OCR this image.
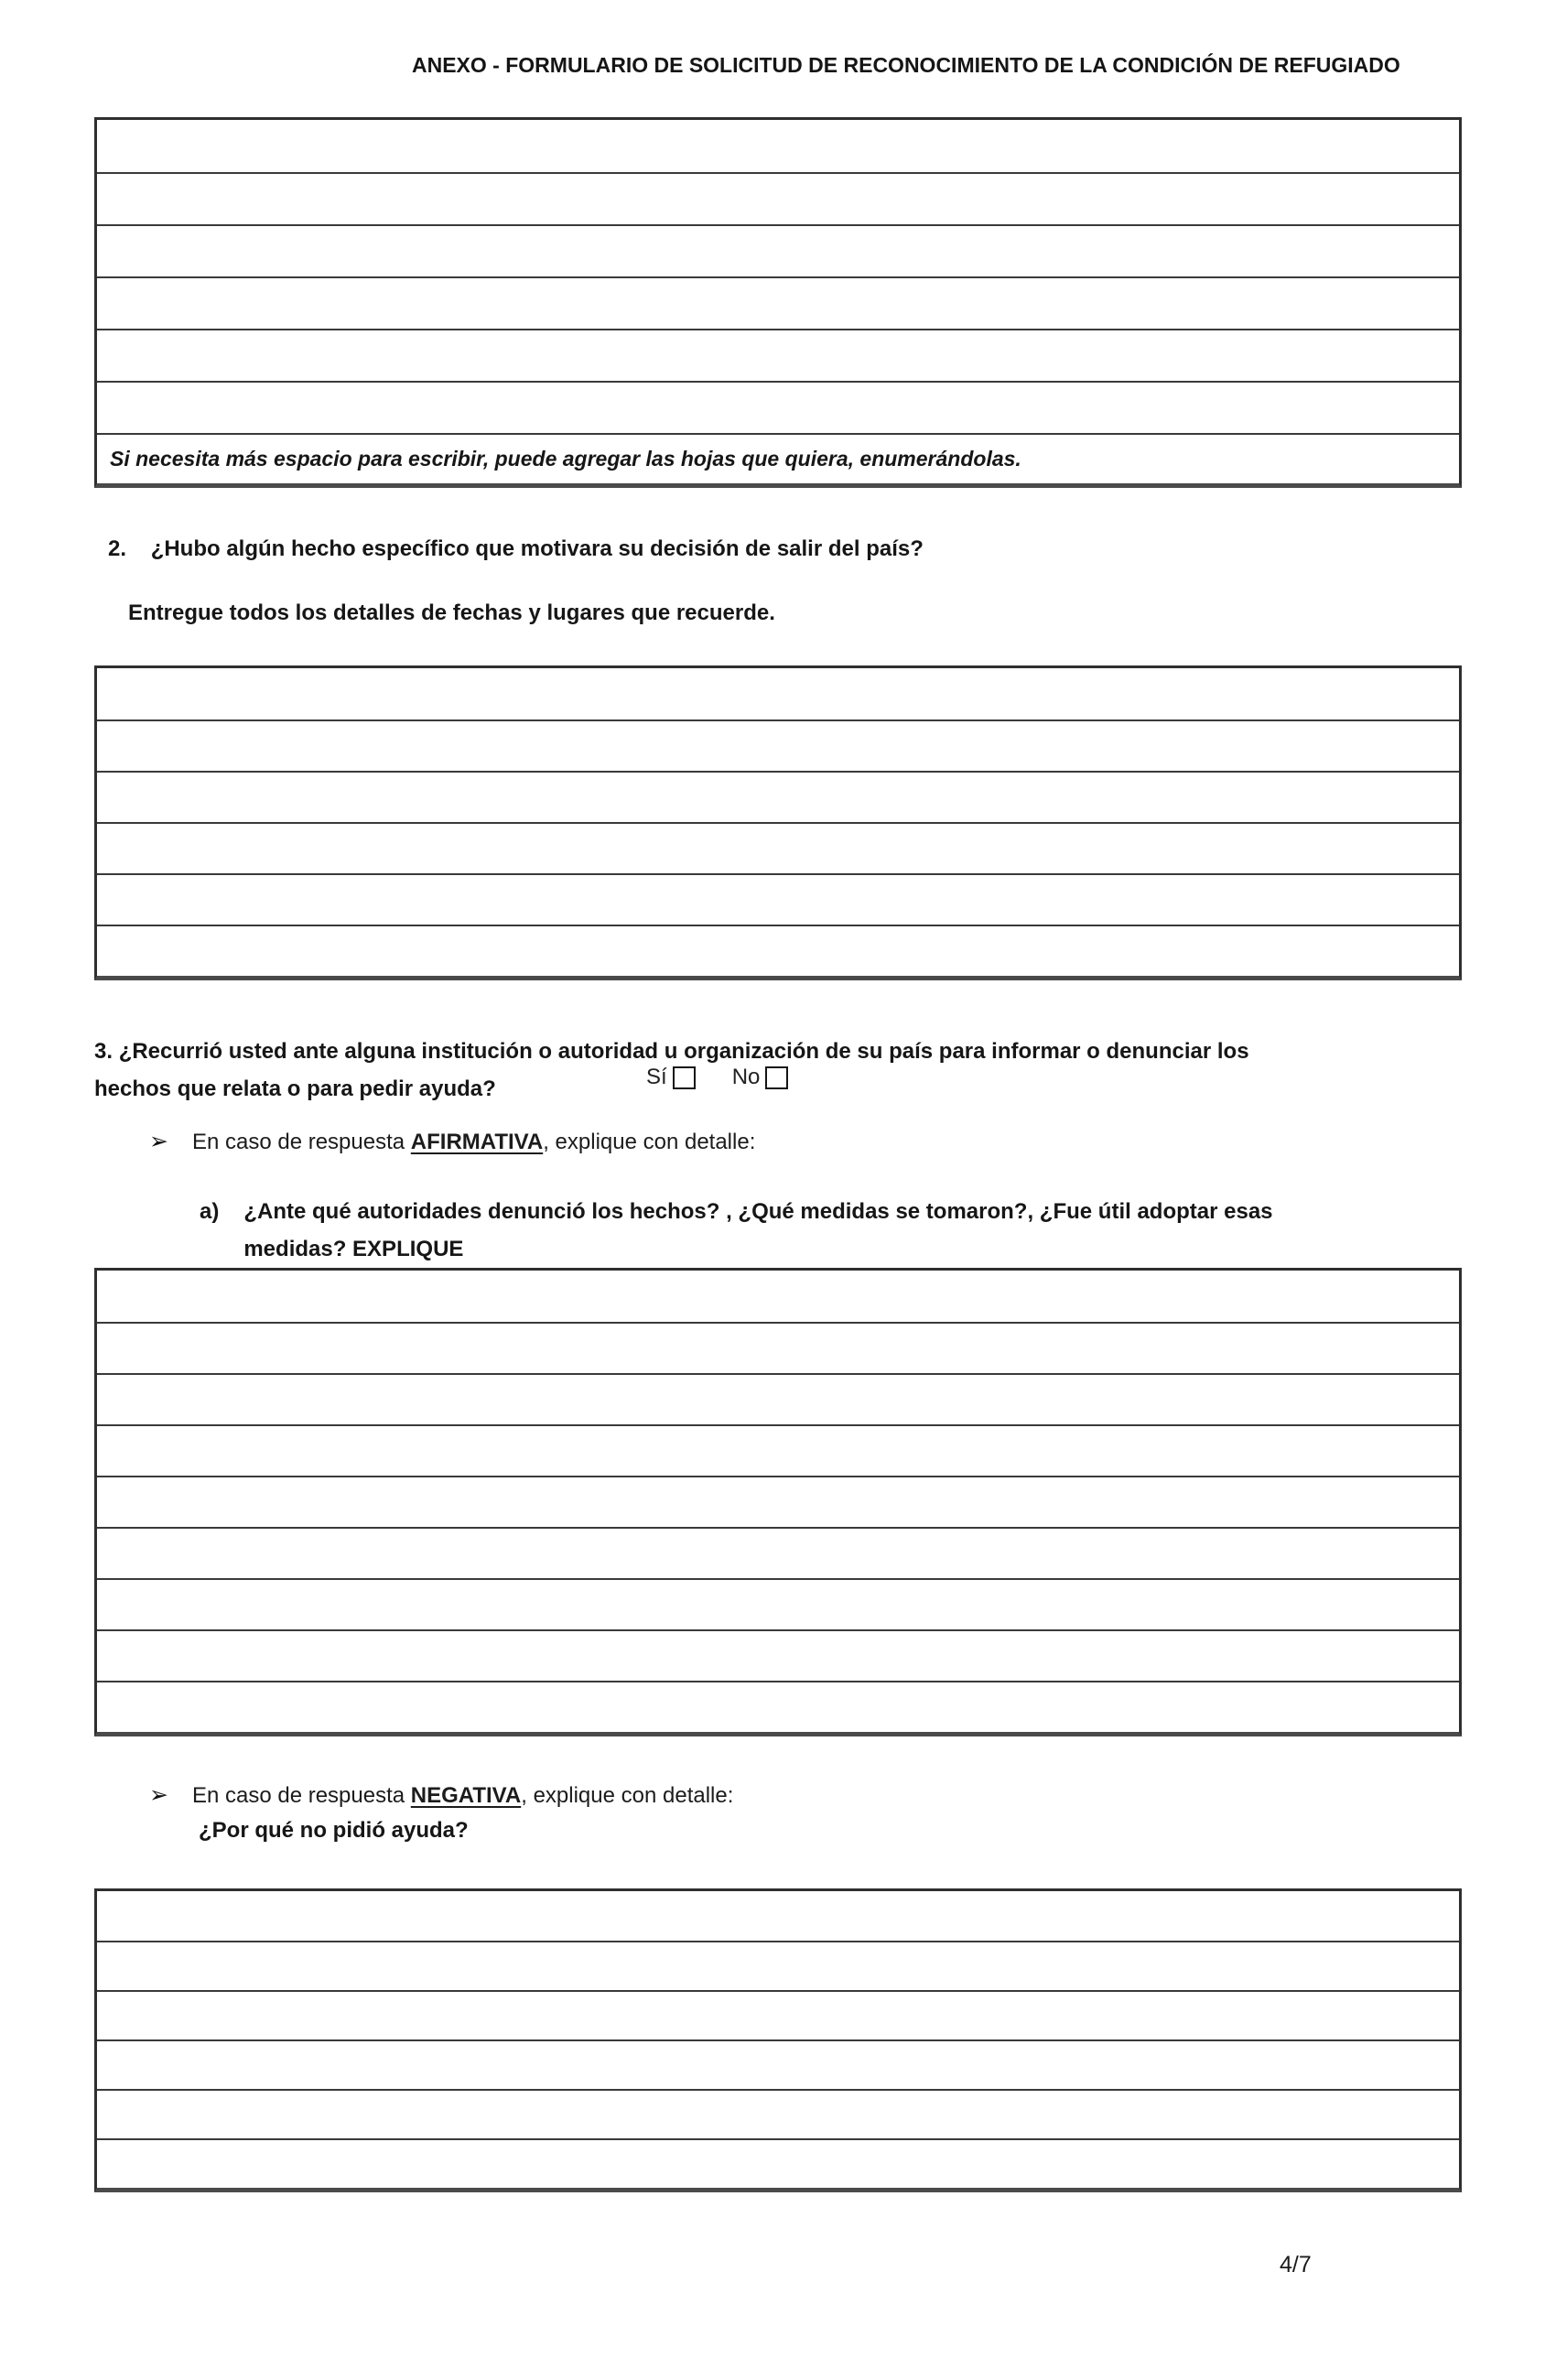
ANEXO - FORMULARIO DE SOLICITUD DE RECONOCIMIENTO DE LA CONDICIÓN DE REFUGIADO
Si necesita más espacio para escribir, puede agregar las hojas que quiera, enumerándolas.
2. ¿Hubo algún hecho específico que motivara su decisión de salir del país?
Entregue todos los detalles de fechas y lugares que recuerde.
3. ¿Recurrió usted ante alguna institución o autoridad u organización de su país para informar o denunciar los
hechos que relata o para pedir ayuda?	Sí	No
➢ En caso de respuesta AFIRMATIVA, explique con detalle:
a) ¿Ante qué autoridades denunció los hechos? , ¿Qué medidas se tomaron?, ¿Fue útil adoptar esas
medidas? EXPLIQUE
➢ En caso de respuesta NEGATIVA, explique con detalle:
¿Por qué no pidió ayuda?
4/7
